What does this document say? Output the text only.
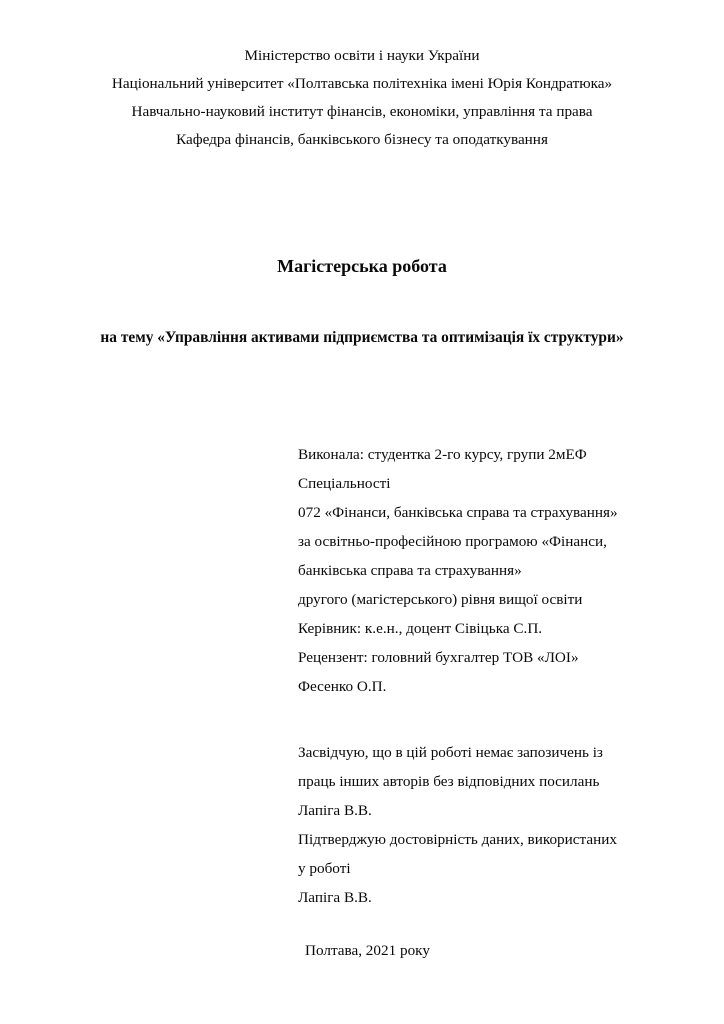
Міністерство освіти і науки України
Національний університет «Полтавська політехніка імені Юрія Кондратюка»
Навчально-науковий інститут фінансів, економіки, управління та права
Кафедра фінансів, банківського бізнесу та оподаткування
Магістерська робота
на тему «Управління активами підприємства та оптимізація їх структури»
Виконала: студентка 2-го курсу, групи 2мЕФ
Спеціальності
072 «Фінанси, банківська справа та страхування»
за освітньо-професійною програмою «Фінанси,
банківська справа та страхування»
другого (магістерського) рівня вищої освіти
Керівник: к.е.н., доцент Сівіцька С.П.
Рецензент: головний бухгалтер ТОВ «ЛОІ»
Фесенко О.П.
Засвідчую, що в цій роботі немає запозичень із
праць інших авторів без відповідних посилань
Лапіга В.В.
Підтверджую достовірність даних, використаних
у роботі
Лапіга В.В.
Полтава, 2021 року
